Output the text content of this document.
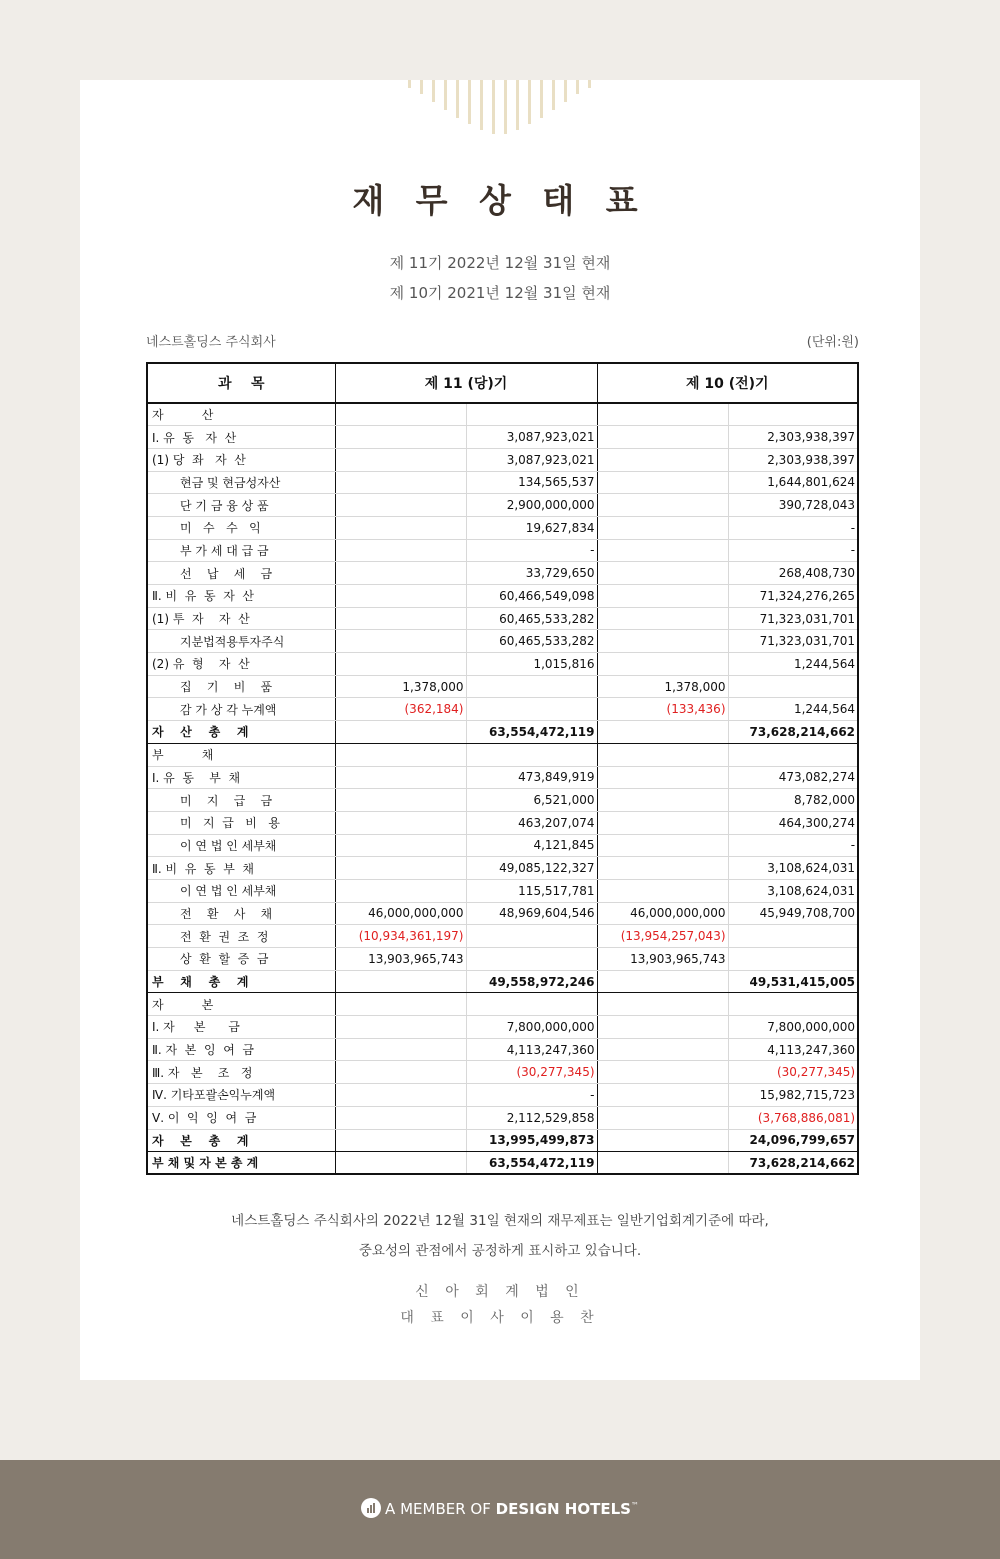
재 무 상 태 표
제 11기 2022년 12월 31일 현재
제 10기 2021년 12월 31일 현재
네스트홀딩스 주식회사	(단위:원)
과    목	제 11 (당)기		제 10 (전)기	
자          산				
Ⅰ. 유  동   자  산		3,087,923,021		2,303,938,397
(1) 당  좌   자  산		3,087,923,021		2,303,938,397
현금 및 현금성자산		134,565,537		1,644,801,624
단 기 금 융 상 품		2,900,000,000		390,728,043
미   수   수   익		19,627,834		-
부 가 세 대 급 금		-		-
선    납    세    금		33,729,650		268,408,730
Ⅱ. 비  유  동  자  산		60,466,549,098		71,324,276,265
(1) 투  자    자  산		60,465,533,282		71,323,031,701
지분법적용투자주식		60,465,533,282		71,323,031,701
(2) 유  형    자  산		1,015,816		1,244,564
집    기    비    품	1,378,000		1,378,000	
감 가 상 각 누계액	(362,184)		(133,436)	1,244,564
자    산    총    계		63,554,472,119		73,628,214,662
부          채				
Ⅰ. 유  동    부  채		473,849,919		473,082,274
미    지    급    금		6,521,000		8,782,000
미   지  급   비   용		463,207,074		464,300,274
이 연 법 인 세부채		4,121,845		-
Ⅱ. 비  유  동  부  채		49,085,122,327		3,108,624,031
이 연 법 인 세부채		115,517,781		3,108,624,031
전    환    사    채	46,000,000,000	48,969,604,546	46,000,000,000	45,949,708,700
전  환  권  조  정	(10,934,361,197)		(13,954,257,043)	
상  환  할  증  금	13,903,965,743		13,903,965,743	
부    채    총    계		49,558,972,246		49,531,415,005
자          본				
Ⅰ. 자     본      금		7,800,000,000		7,800,000,000
Ⅱ. 자  본  잉  여  금		4,113,247,360		4,113,247,360
Ⅲ. 자   본    조   정		(30,277,345)		(30,277,345)
Ⅳ. 기타포괄손익누계액		-		15,982,715,723
Ⅴ. 이  익  잉  여  금		2,112,529,858		(3,768,886,081)
자    본    총    계		13,995,499,873		24,096,799,657
부 채 및 자 본 총 계		63,554,472,119		73,628,214,662
네스트홀딩스 주식회사의 2022년 12월 31일 현재의 재무제표는 일반기업회계기준에 따라,
중요성의 관점에서 공정하게 표시하고 있습니다.
신 아 회 계 법 인
대 표 이 사 이 용 찬
A MEMBER OF DESIGN HOTELS™
